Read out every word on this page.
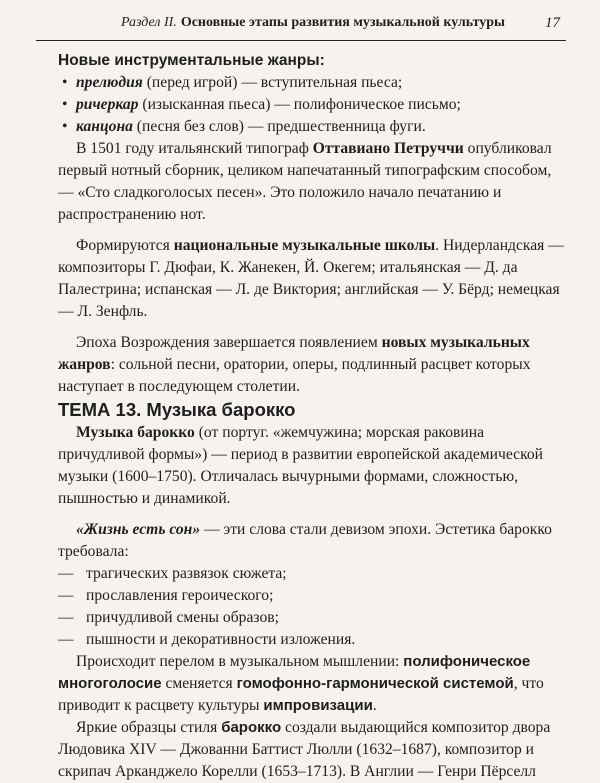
Раздел II. Основные этапы развития музыкальной культуры	17

Новые инструментальные жанры:

• прелюдия (перед игрой) — вступительная пьеса;
• ричеркар (изысканная пьеса) — полифоническое письмо;
• канцона (песня без слов) — предшественница фуги.

В 1501 году итальянский типограф Оттавиано Петруччи опубликовал первый нотный сборник, целиком напечатанный типографским способом, — «Сто сладкоголосых песен». Это положило начало печатанию и распространению нот.

Формируются национальные музыкальные школы. Нидерландская — композиторы Г. Дюфаи, К. Жанекен, Й. Окегем; итальянская — Д. да Палестрина; испанская — Л. де Виктория; английская — У. Бёрд; немецкая — Л. Зенфль.

Эпоха Возрождения завершается появлением новых музыкальных жанров: сольной песни, оратории, оперы, подлинный расцвет которых наступает в последующем столетии.

ТЕМА 13. Музыка барокко

Музыка барокко (от португ. «жемчужина; морская раковина причудливой формы») — период в развитии европейской академической музыки (1600–1750). Отличалась вычурными формами, сложностью, пышностью и динамикой.

«Жизнь есть сон» — эти слова стали девизом эпохи. Эстетика барокко требовала:

— трагических развязок сюжета;
— прославления героического;
— причудливой смены образов;
— пышности и декоративности изложения.

Происходит перелом в музыкальном мышлении: полифоническое многоголосие сменяется гомофонно-гармонической системой, что приводит к расцвету культуры импровизации.

Яркие образцы стиля барокко создали выдающийся композитор двора Людовика XIV — Джованни Баттист Люлли (1632–1687), композитор и скрипач Арканджело Корелли (1653–1713). В Англии — Генри Пёрселл
